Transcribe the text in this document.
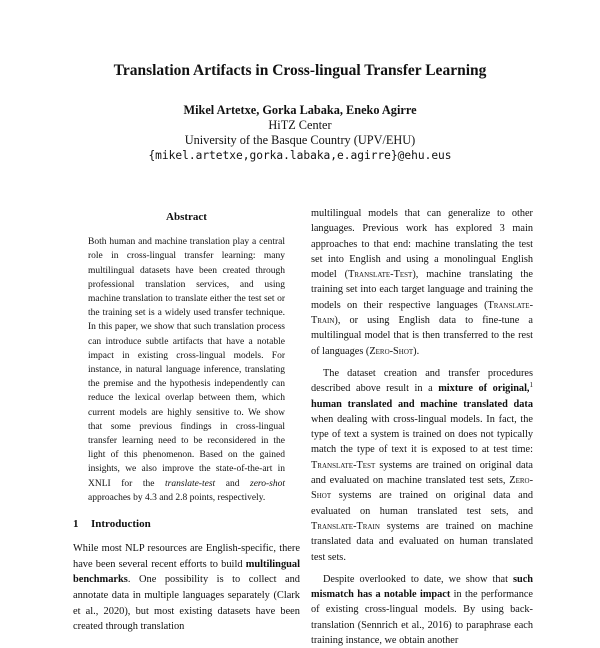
Translation Artifacts in Cross-lingual Transfer Learning
Mikel Artetxe, Gorka Labaka, Eneko Agirre
HiTZ Center
University of the Basque Country (UPV/EHU)
{mikel.artetxe,gorka.labaka,e.agirre}@ehu.eus
Abstract

Both human and machine translation play a central role in cross-lingual transfer learning: many multilingual datasets have been created through professional translation services, and using machine translation to translate either the test set or the training set is a widely used transfer technique. In this paper, we show that such translation process can introduce subtle artifacts that have a notable impact in existing cross-lingual models. For instance, in natural language inference, translating the premise and the hypothesis independently can reduce the lexical overlap between them, which current models are highly sensitive to. We show that some previous findings in cross-lingual transfer learning need to be reconsidered in the light of this phenomenon. Based on the gained insights, we also improve the state-of-the-art in XNLI for the translate-test and zero-shot approaches by 4.3 and 2.8 points, respectively.

1 Introduction

While most NLP resources are English-specific, there have been several recent efforts to build multilingual benchmarks. One possibility is to collect and annotate data in multiple languages separately (Clark et al., 2020), but most existing datasets have been created through translation

multilingual models that can generalize to other languages. Previous work has explored 3 main approaches to that end: machine translating the test set into English and using a monolingual English model (Translate-Test), machine translating the training set into each target language and training the models on their respective languages (Translate-Train), or using English data to fine-tune a multilingual model that is then transferred to the rest of languages (Zero-Shot).

The dataset creation and transfer procedures described above result in a mixture of original,$^1$ human translated and machine translated data when dealing with cross-lingual models. In fact, the type of text a system is trained on does not typically match the type of text it is exposed to at test time: Translate-Test systems are trained on original data and evaluated on machine translated test sets, Zero-Shot systems are trained on original data and evaluated on human translated test sets, and Translate-Train systems are trained on machine translated data and evaluated on human translated test sets.

Despite overlooked to date, we show that such mismatch has a notable impact in the performance of existing cross-lingual models. By using back-translation (Sennrich et al., 2016) to paraphrase each training instance, we obtain another
